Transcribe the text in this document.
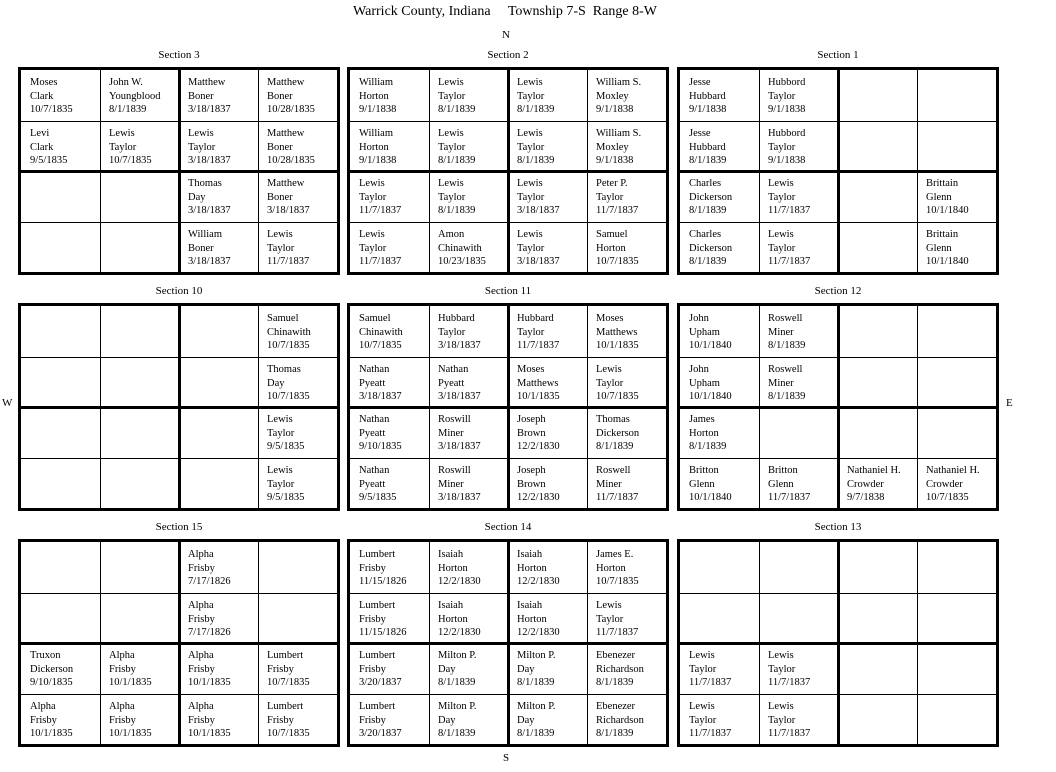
Warrick County, Indiana     Township 7-S  Range 8-W
N
S
W	E
Section 3
Moses
Clark
10/7/1835
John W.
Youngblood
8/1/1839
Matthew
Boner
3/18/1837
Matthew
Boner
10/28/1835
Levi
Clark
9/5/1835
Lewis
Taylor
10/7/1835
Lewis
Taylor
3/18/1837
Matthew
Boner
10/28/1835
Thomas
Day
3/18/1837
Matthew
Boner
3/18/1837
William
Boner
3/18/1837
Lewis
Taylor
11/7/1837
Section 2
William
Horton
9/1/1838
Lewis
Taylor
8/1/1839
Lewis
Taylor
8/1/1839
William S.
Moxley
9/1/1838
William
Horton
9/1/1838
Lewis
Taylor
8/1/1839
Lewis
Taylor
8/1/1839
William S.
Moxley
9/1/1838
Lewis
Taylor
11/7/1837
Lewis
Taylor
8/1/1839
Lewis
Taylor
3/18/1837
Peter P.
Taylor
11/7/1837
Lewis
Taylor
11/7/1837
Amon
Chinawith
10/23/1835
Lewis
Taylor
3/18/1837
Samuel
Horton
10/7/1835
Section 1
Jesse
Hubbard
9/1/1838
Hubbord
Taylor
9/1/1838
Jesse
Hubbard
8/1/1839
Hubbord
Taylor
9/1/1838
Charles
Dickerson
8/1/1839
Lewis
Taylor
11/7/1837
Brittain
Glenn
10/1/1840
Charles
Dickerson
8/1/1839
Lewis
Taylor
11/7/1837
Brittain
Glenn
10/1/1840
Section 10
Samuel
Chinawith
10/7/1835
Thomas
Day
10/7/1835
Lewis
Taylor
9/5/1835
Lewis
Taylor
9/5/1835
Section 11
Samuel
Chinawith
10/7/1835
Hubbard
Taylor
3/18/1837
Hubbard
Taylor
11/7/1837
Moses
Matthews
10/1/1835
Nathan
Pyeatt
3/18/1837
Nathan
Pyeatt
3/18/1837
Moses
Matthews
10/1/1835
Lewis
Taylor
10/7/1835
Nathan
Pyeatt
9/10/1835
Roswill
Miner
3/18/1837
Joseph
Brown
12/2/1830
Thomas
Dickerson
8/1/1839
Nathan
Pyeatt
9/5/1835
Roswill
Miner
3/18/1837
Joseph
Brown
12/2/1830
Roswell
Miner
11/7/1837
Section 12
John
Upham
10/1/1840
Roswell
Miner
8/1/1839
John
Upham
10/1/1840
Roswell
Miner
8/1/1839
James
Horton
8/1/1839
Britton
Glenn
10/1/1840
Britton
Glenn
11/7/1837
Nathaniel H.
Crowder
9/7/1838
Nathaniel H.
Crowder
10/7/1835
Section 15
Alpha
Frisby
7/17/1826
Alpha
Frisby
7/17/1826
Truxon
Dickerson
9/10/1835
Alpha
Frisby
10/1/1835
Alpha
Frisby
10/1/1835
Lumbert
Frisby
10/7/1835
Alpha
Frisby
10/1/1835
Alpha
Frisby
10/1/1835
Alpha
Frisby
10/1/1835
Lumbert
Frisby
10/7/1835
Section 14
Lumbert
Frisby
11/15/1826
Isaiah
Horton
12/2/1830
Isaiah
Horton
12/2/1830
James E.
Horton
10/7/1835
Lumbert
Frisby
11/15/1826
Isaiah
Horton
12/2/1830
Isaiah
Horton
12/2/1830
Lewis
Taylor
11/7/1837
Lumbert
Frisby
3/20/1837
Milton P.
Day
8/1/1839
Milton P.
Day
8/1/1839
Ebenezer
Richardson
8/1/1839
Lumbert
Frisby
3/20/1837
Milton P.
Day
8/1/1839
Milton P.
Day
8/1/1839
Ebenezer
Richardson
8/1/1839
Section 13
Lewis
Taylor
11/7/1837
Lewis
Taylor
11/7/1837
Lewis
Taylor
11/7/1837
Lewis
Taylor
11/7/1837
